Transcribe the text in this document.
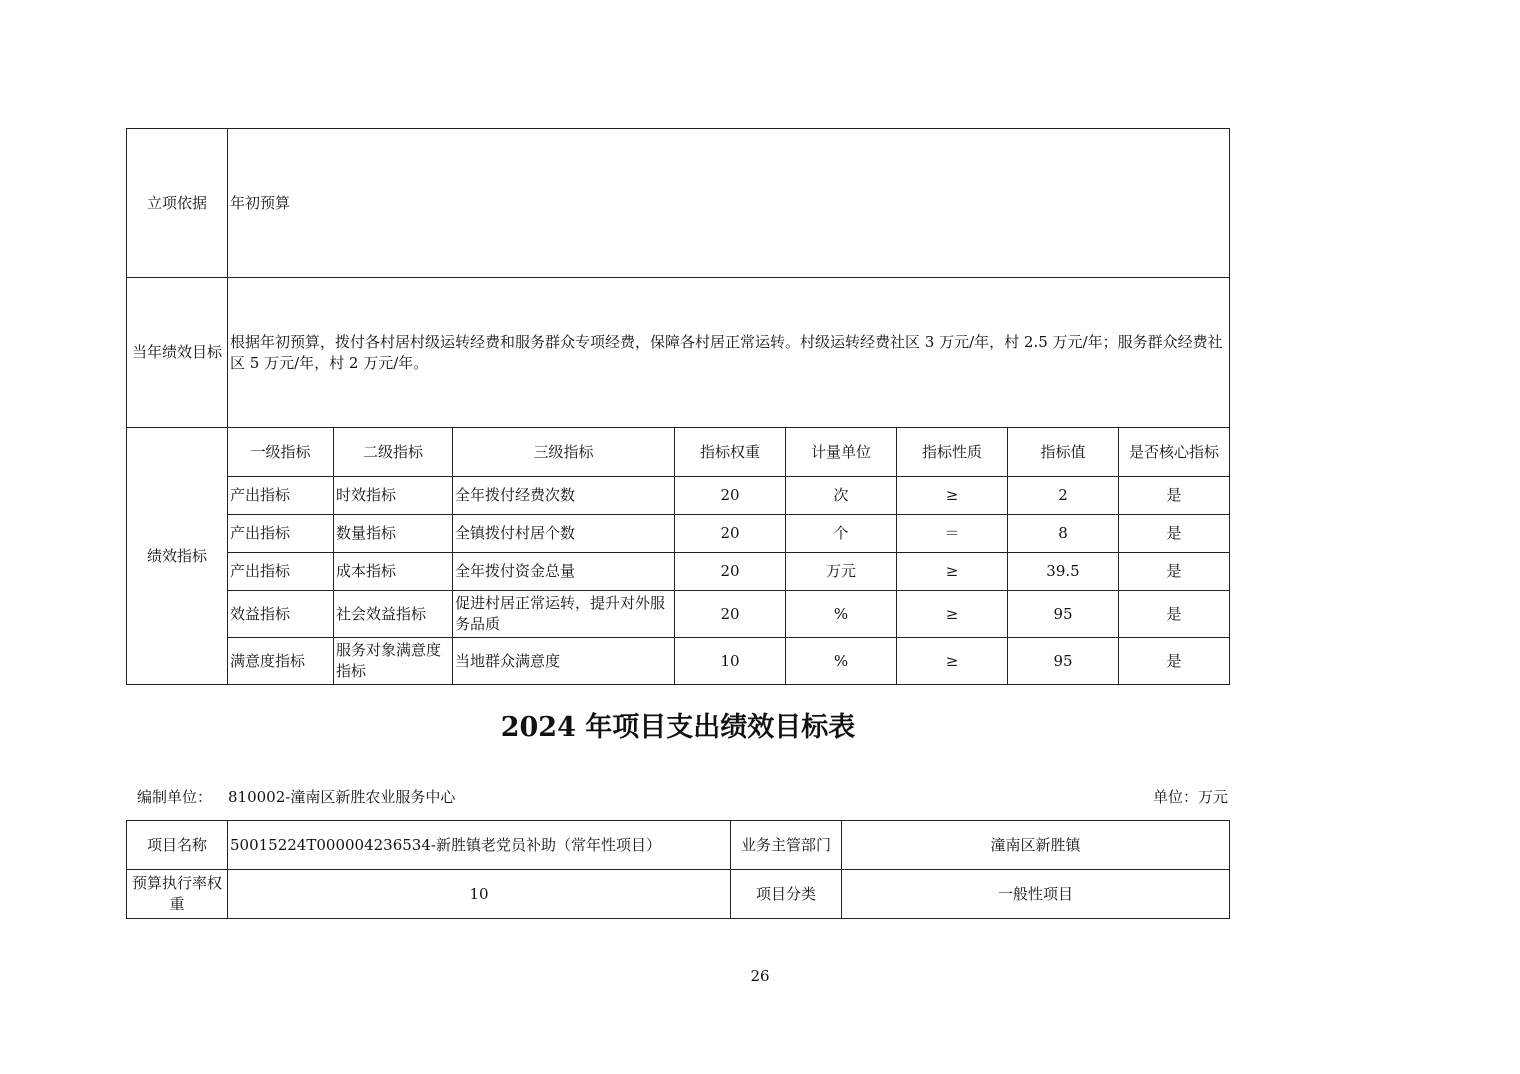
立项依据	年初预算							
当年绩效目标	根据年初预算，拨付各村居村级运转经费和服务群众专项经费，保障各村居正常运转。村级运转经费社区 3 万元/年，村 2.5 万元/年；服务群众经费社区 5 万元/年，村 2 万元/年。							
绩效指标	一级指标	二级指标	三级指标	指标权重	计量单位	指标性质	指标值	是否核心指标
	产出指标	时效指标	全年拨付经费次数	20	次	≥	2	是
	产出指标	数量指标	全镇拨付村居个数	20	个	＝	8	是
	产出指标	成本指标	全年拨付资金总量	20	万元	≥	39.5	是
	效益指标	社会效益指标	促进村居正常运转，提升对外服务品质	20	%	≥	95	是
	满意度指标	服务对象满意度指标	当地群众满意度	10	%	≥	95	是
2024 年项目支出绩效目标表
编制单位： 810002-潼南区新胜农业服务中心	单位：万元
项目名称	50015224T000004236534-新胜镇老党员补助（常年性项目）	业务主管部门	潼南区新胜镇
预算执行率权重	10	项目分类	一般性项目
26
